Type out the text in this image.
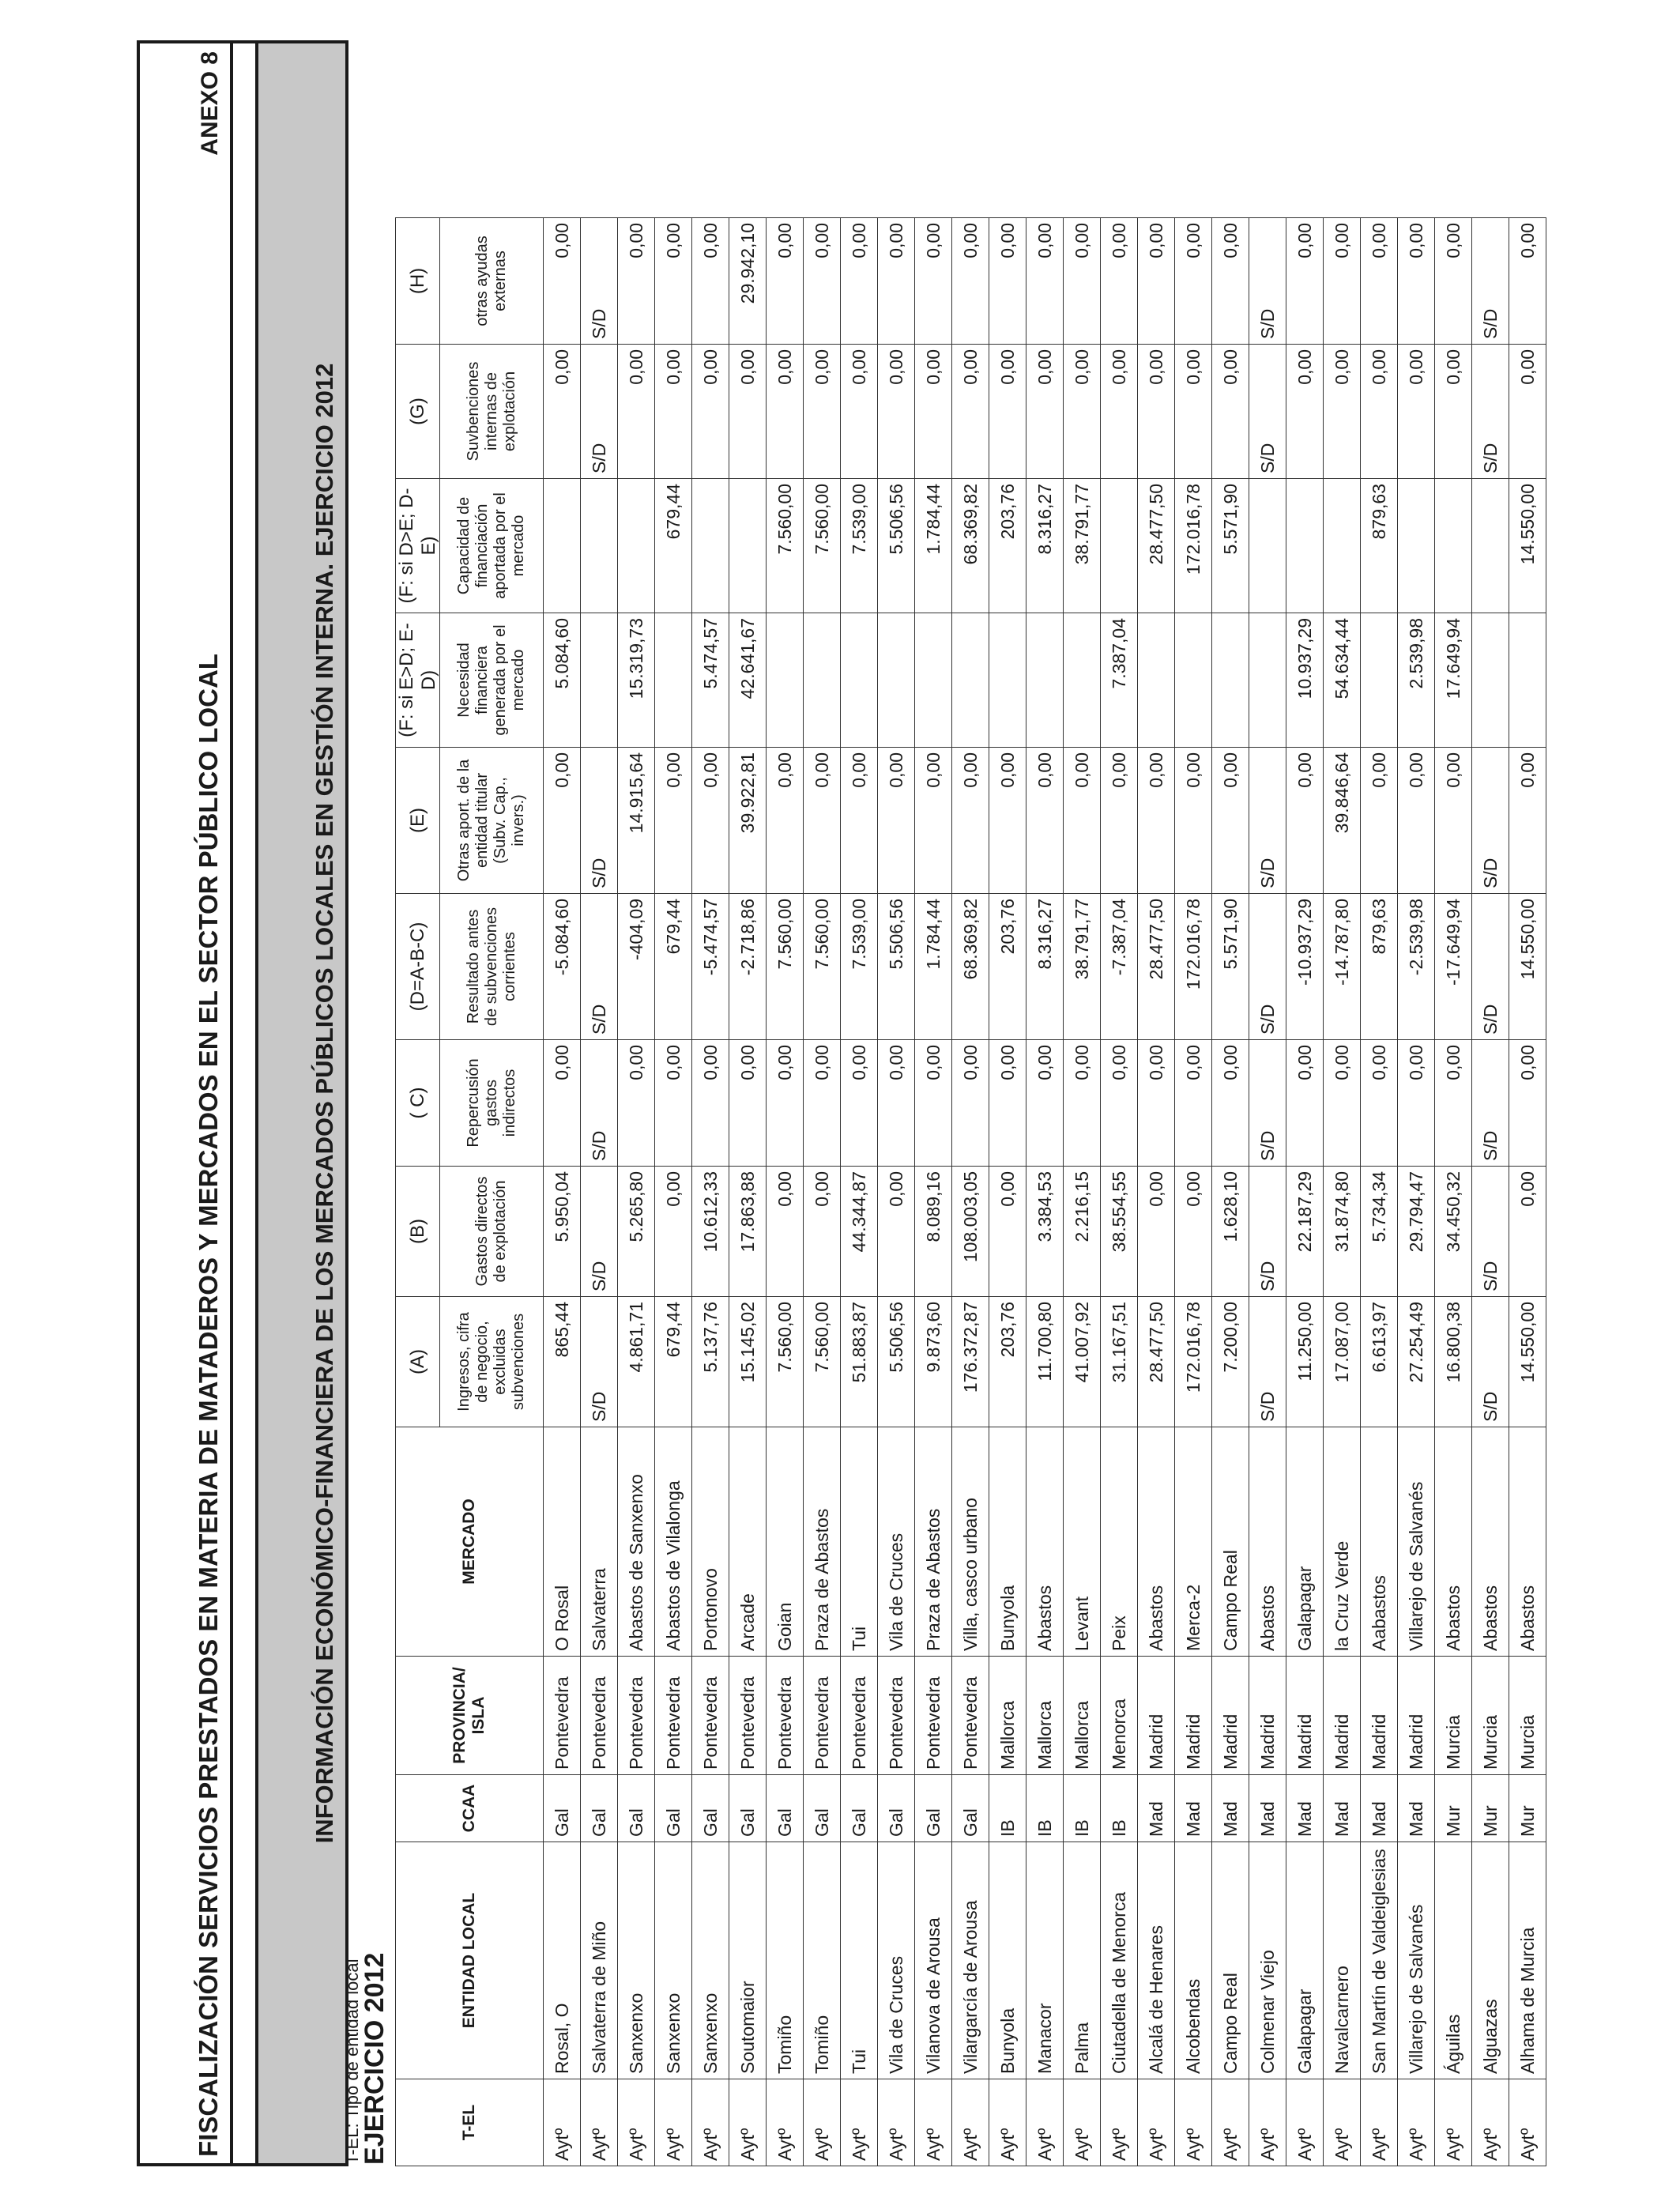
FISCALIZACIÓN SERVICIOS PRESTADOS EN MATERIA DE MATADEROS Y MERCADOS EN EL SECTOR PÚBLICO LOCAL
ANEXO 8
INFORMACIÓN ECONÓMICO-FINANCIERA DE LOS MERCADOS PÚBLICOS LOCALES EN GESTIÓN INTERNA. EJERCICIO 2012
T-EL: Tipo de entidad local
EJERCICIO 2012	T-EL	ENTIDAD LOCAL	CCAA	PROVINCIA/ ISLA	MERCADO	(A)	(B)	( C)	(D=A-B-C)	(E)	(F: si E>D; E-D)	(F: si D>E; D-E)	(G)	(H)
					Ingresos, cifra de negocio, excluidas subvenciones	Gastos directos de explotación	Repercusión gastos indirectos	Resultado antes de subvenciones corrientes	Otras aport. de la entidad titular (Subv. Cap., invers.)	Necesidad financiera generada por el mercado	Capacidad de financiación aportada por el mercado	Suvbenciones internas de explotación	otras ayudas externas
Aytº	Rosal, O	Gal	Pontevedra	O Rosal	865,44	5.950,04	0,00	-5.084,60	0,00	5.084,60		0,00	0,00
Aytº	Salvaterra de Miño	Gal	Pontevedra	Salvaterra	S/D	S/D	S/D	S/D	S/D			S/D	S/D
Aytº	Sanxenxo	Gal	Pontevedra	Abastos de Sanxenxo	4.861,71	5.265,80	0,00	-404,09	14.915,64	15.319,73		0,00	0,00
Aytº	Sanxenxo	Gal	Pontevedra	Abastos de Vilalonga	679,44	0,00	0,00	679,44	0,00		679,44	0,00	0,00
Aytº	Sanxenxo	Gal	Pontevedra	Portonovo	5.137,76	10.612,33	0,00	-5.474,57	0,00	5.474,57		0,00	0,00
Aytº	Soutomaior	Gal	Pontevedra	Arcade	15.145,02	17.863,88	0,00	-2.718,86	39.922,81	42.641,67		0,00	29.942,10
Aytº	Tomiño	Gal	Pontevedra	Goian	7.560,00	0,00	0,00	7.560,00	0,00		7.560,00	0,00	0,00
Aytº	Tomiño	Gal	Pontevedra	Praza de Abastos	7.560,00	0,00	0,00	7.560,00	0,00		7.560,00	0,00	0,00
Aytº	Tui	Gal	Pontevedra	Tui	51.883,87	44.344,87	0,00	7.539,00	0,00		7.539,00	0,00	0,00
Aytº	Vila de Cruces	Gal	Pontevedra	Vila de Cruces	5.506,56	0,00	0,00	5.506,56	0,00		5.506,56	0,00	0,00
Aytº	Vilanova de Arousa	Gal	Pontevedra	Praza de Abastos	9.873,60	8.089,16	0,00	1.784,44	0,00		1.784,44	0,00	0,00
Aytº	Vilargarcía de Arousa	Gal	Pontevedra	Villa, casco urbano	176.372,87	108.003,05	0,00	68.369,82	0,00		68.369,82	0,00	0,00
Aytº	Bunyola	IB	Mallorca	Bunyola	203,76	0,00	0,00	203,76	0,00		203,76	0,00	0,00
Aytº	Manacor	IB	Mallorca	Abastos	11.700,80	3.384,53	0,00	8.316,27	0,00		8.316,27	0,00	0,00
Aytº	Palma	IB	Mallorca	Levant	41.007,92	2.216,15	0,00	38.791,77	0,00		38.791,77	0,00	0,00
Aytº	Ciutadella de Menorca	IB	Menorca	Peix	31.167,51	38.554,55	0,00	-7.387,04	0,00	7.387,04		0,00	0,00
Aytº	Alcalá de Henares	Mad	Madrid	Abastos	28.477,50	0,00	0,00	28.477,50	0,00		28.477,50	0,00	0,00
Aytº	Alcobendas	Mad	Madrid	Merca-2	172.016,78	0,00	0,00	172.016,78	0,00		172.016,78	0,00	0,00
Aytº	Campo Real	Mad	Madrid	Campo Real	7.200,00	1.628,10	0,00	5.571,90	0,00		5.571,90	0,00	0,00
Aytº	Colmenar Viejo	Mad	Madrid	Abastos	S/D	S/D	S/D	S/D	S/D			S/D	S/D
Aytº	Galapagar	Mad	Madrid	Galapagar	11.250,00	22.187,29	0,00	-10.937,29	0,00	10.937,29		0,00	0,00
Aytº	Navalcarnero	Mad	Madrid	la Cruz Verde	17.087,00	31.874,80	0,00	-14.787,80	39.846,64	54.634,44		0,00	0,00
Aytº	San Martín de Valdeiglesias	Mad	Madrid	Aabastos	6.613,97	5.734,34	0,00	879,63	0,00		879,63	0,00	0,00
Aytº	Villarejo de Salvanés	Mad	Madrid	Villarejo de Salvanés	27.254,49	29.794,47	0,00	-2.539,98	0,00	2.539,98		0,00	0,00
Aytº	Águilas	Mur	Murcia	Abastos	16.800,38	34.450,32	0,00	-17.649,94	0,00	17.649,94		0,00	0,00
Aytº	Alguazas	Mur	Murcia	Abastos	S/D	S/D	S/D	S/D	S/D			S/D	S/D
Aytº	Alhama de Murcia	Mur	Murcia	Abastos	14.550,00	0,00	0,00	14.550,00	0,00		14.550,00	0,00	0,00
